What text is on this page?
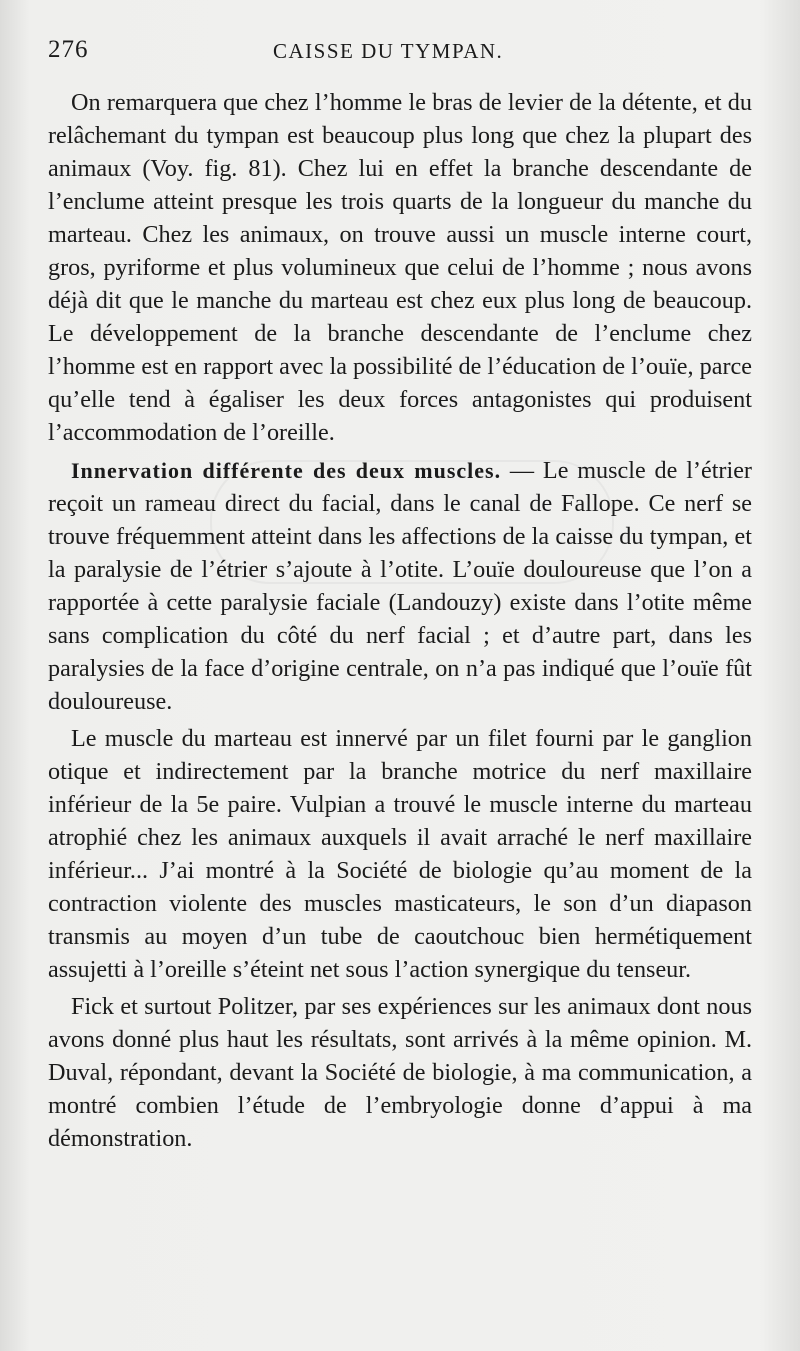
276	CAISSE DU TYMPAN.

On remarquera que chez l’homme le bras de levier de la détente, et du relâchemant du tympan est beaucoup plus long que chez la plupart des animaux (Voy. fig. 81). Chez lui en effet la branche descendante de l’enclume atteint presque les trois quarts de la longueur du manche du marteau. Chez les animaux, on trouve aussi un muscle interne court, gros, pyriforme et plus volumineux que celui de l’homme ; nous avons déjà dit que le manche du marteau est chez eux plus long de beaucoup. Le développement de la branche descendante de l’enclume chez l’homme est en rapport avec la possibilité de l’éducation de l’ouïe, parce qu’elle tend à égaliser les deux forces antagonistes qui produisent l’accommodation de l’oreille.

Innervation différente des deux muscles. — Le muscle de l’étrier reçoit un rameau direct du facial, dans le canal de Fallope. Ce nerf se trouve fréquemment atteint dans les affections de la caisse du tympan, et la paralysie de l’étrier s’ajoute à l’otite. L’ouïe douloureuse que l’on a rapportée à cette paralysie faciale (Landouzy) existe dans l’otite même sans complication du côté du nerf facial ; et d’autre part, dans les paralysies de la face d’origine centrale, on n’a pas indiqué que l’ouïe fût douloureuse.

Le muscle du marteau est innervé par un filet fourni par le ganglion otique et indirectement par la branche motrice du nerf maxillaire inférieur de la 5e paire. Vulpian a trouvé le muscle interne du marteau atrophié chez les animaux auxquels il avait arraché le nerf maxillaire inférieur... J’ai montré à la Société de biologie qu’au moment de la contraction violente des muscles masticateurs, le son d’un diapason transmis au moyen d’un tube de caoutchouc bien hermétiquement assujetti à l’oreille s’éteint net sous l’action synergique du tenseur.

Fick et surtout Politzer, par ses expériences sur les animaux dont nous avons donné plus haut les résultats, sont arrivés à la même opinion. M. Duval, répondant, devant la Société de biologie, à ma communication, a montré combien l’étude de l’embryologie donne d’appui à ma démonstration.
